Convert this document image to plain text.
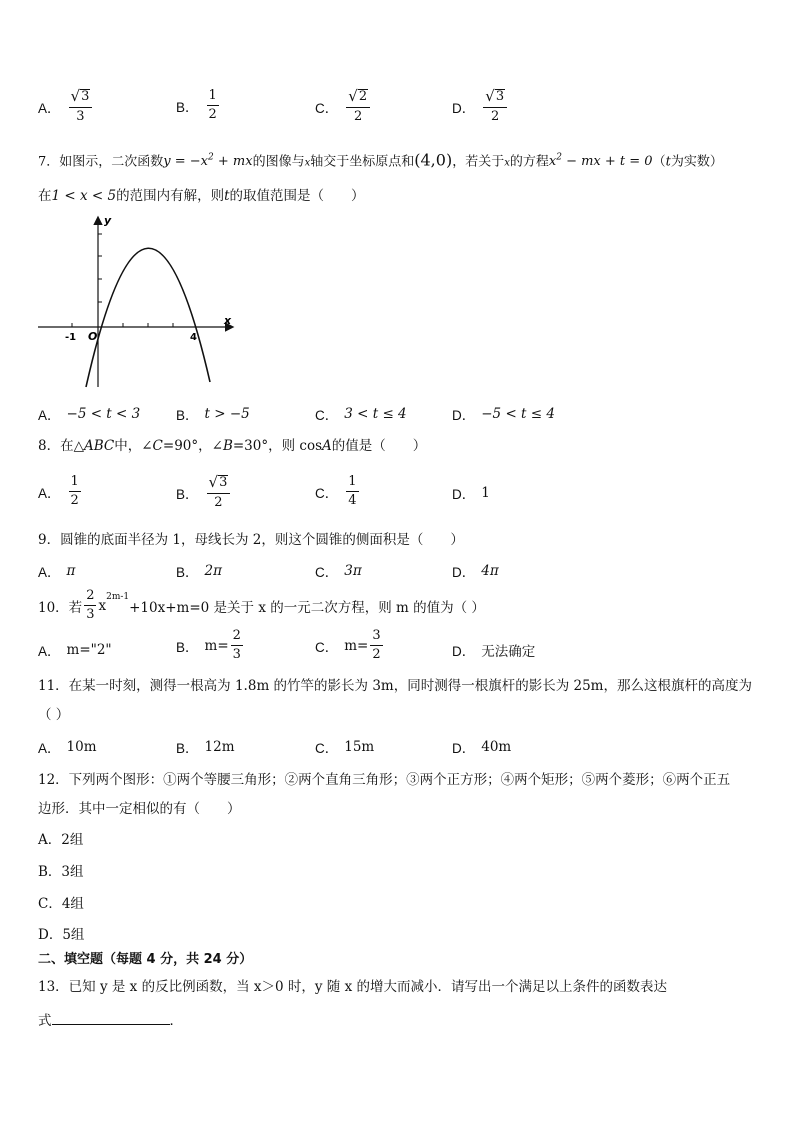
A． $\frac{√ 3}{3}$	B． $\frac{1}{2}$	C． $\frac{√ 2}{2}$	D． $\frac{√ 3}{2}$
7．如图示，二次函数$y = -x^2$ + mx的图像与x轴交于坐标原点和(4,0)，若关于x的方程$x^2$ − mx + t = 0（t为实数）
在1 < x < 5的范围内有解，则t的取值范围是（　　）
y
x
O
-1	4
A． −5 < t < 3	B． t > −5	C． 3 < t ≤ 4	D． −5 < t ≤ 4
8．在△ABC中，∠C=90°，∠B=30°，则 cosA的值是（　　）
A． $\frac{1}{2}$	B． $\frac{√ 3}{2}$	C． $\frac{1}{4}$	D． 1
9．圆锥的底面半径为 1，母线长为 2，则这个圆锥的侧面积是（　　）
A． π	B． 2π	C． 3π	D． 4π
10．若 $\frac{2}{3}$ x
$^{2m-1}$
+10x+m=0 是关于 x 的一元二次方程，则 m 的值为（ ）
A． m="2"	B． $m= \frac{2}{3}$	C． $m= \frac{3}{2}$	D． 无法确定
11．在某一时刻，测得一根高为 1.8m 的竹竿的影长为 3m，同时测得一根旗杆的影长为 25m，那么这根旗杆的高度为
（ ）
A． 10m	B． 12m	C． 15m	D． 40m
12．下列两个图形：①两个等腰三角形；②两个直角三角形；③两个正方形；④两个矩形；⑤两个菱形；⑥两个正五
边形．其中一定相似的有（　　）
A．2组
B．3组
C．4组
D．5组
二、填空题（每题 4 分，共 24 分）
13．已知 y 是 x 的反比例函数，当 x＞0 时，y 随 x 的增大而减小．请写出一个满足以上条件的函数表达
式	．
